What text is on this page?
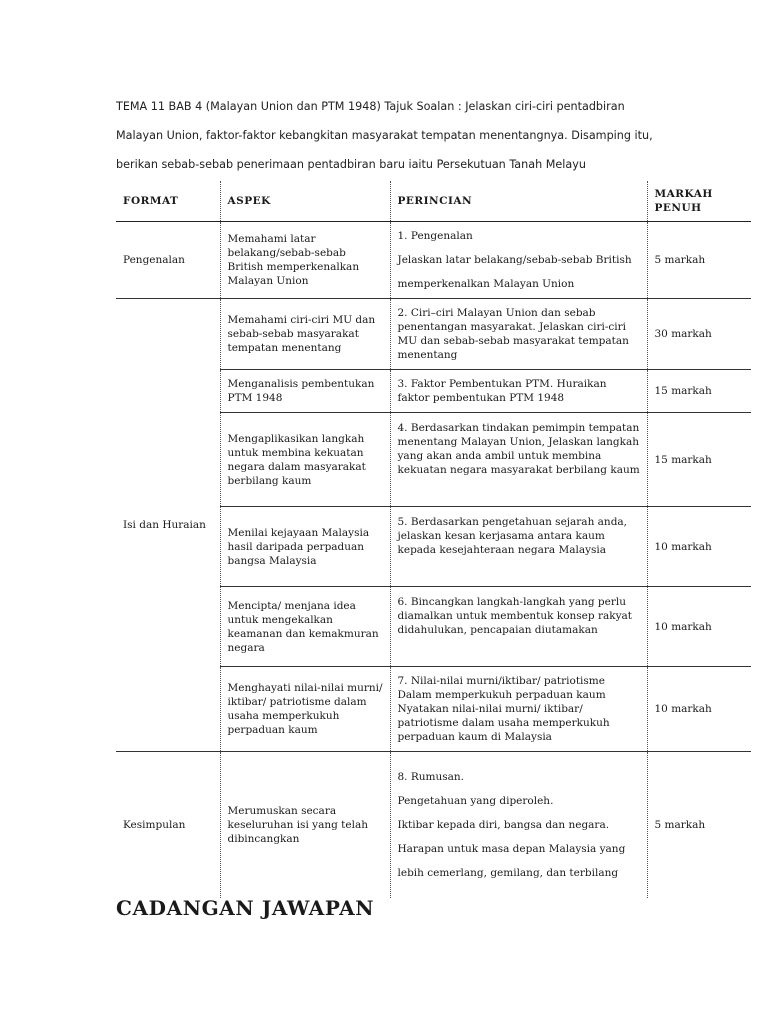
TEMA 11 BAB 4 (Malayan Union dan PTM 1948) Tajuk Soalan : Jelaskan ciri-ciri pentadbiran

Malayan Union, faktor-faktor kebangkitan masyarakat tempatan menentangnya. Disamping itu,

berikan sebab-sebab penerimaan pentadbiran baru iaitu Persekutuan Tanah Melayu

FORMAT	ASPEK	PERINCIAN	MARKAH PENUH
Pengenalan	Memahami latar belakang/sebab-sebab British memperkenalkan Malayan Union	1. Pengenalan

Jelaskan latar belakang/sebab-sebab British

memperkenalkan Malayan Union	5 markah
Isi dan Huraian	Memahami ciri-ciri MU dan sebab-sebab masyarakat tempatan menentang	2. Ciri–ciri Malayan Union dan sebab penentangan masyarakat. Jelaskan ciri-ciri MU dan sebab-sebab masyarakat tempatan menentang	30 markah
	Menganalisis pembentukan PTM 1948	3. Faktor Pembentukan PTM. Huraikan faktor pembentukan PTM 1948	15 markah
	Mengaplikasikan langkah untuk membina kekuatan negara dalam masyarakat berbilang kaum	4. Berdasarkan tindakan pemimpin tempatan menentang Malayan Union, Jelaskan langkah yang akan anda ambil untuk membina kekuatan negara masyarakat berbilang kaum	15 markah
	Menilai kejayaan Malaysia hasil daripada perpaduan bangsa Malaysia	5. Berdasarkan pengetahuan sejarah anda, jelaskan kesan kerjasama antara kaum kepada kesejahteraan negara Malaysia	10 markah
	Mencipta/ menjana idea untuk mengekalkan keamanan dan kemakmuran negara	6. Bincangkan langkah-langkah yang perlu diamalkan untuk membentuk konsep rakyat didahulukan, pencapaian diutamakan	10 markah
	Menghayati nilai-nilai murni/ iktibar/ patriotisme dalam usaha memperkukuh perpaduan kaum	7. Nilai-nilai murni/iktibar/ patriotisme Dalam memperkukuh perpaduan kaum
Nyatakan nilai-nilai murni/ iktibar/ patriotisme dalam usaha memperkukuh perpaduan kaum di Malaysia	10 markah
Kesimpulan	Merumuskan secara keseluruhan isi yang telah dibincangkan	8. Rumusan.

Pengetahuan yang diperoleh.

Iktibar kepada diri, bangsa dan negara.

Harapan untuk masa depan Malaysia yang

lebih cemerlang, gemilang, dan terbilang	5 markah
CADANGAN JAWAPAN
